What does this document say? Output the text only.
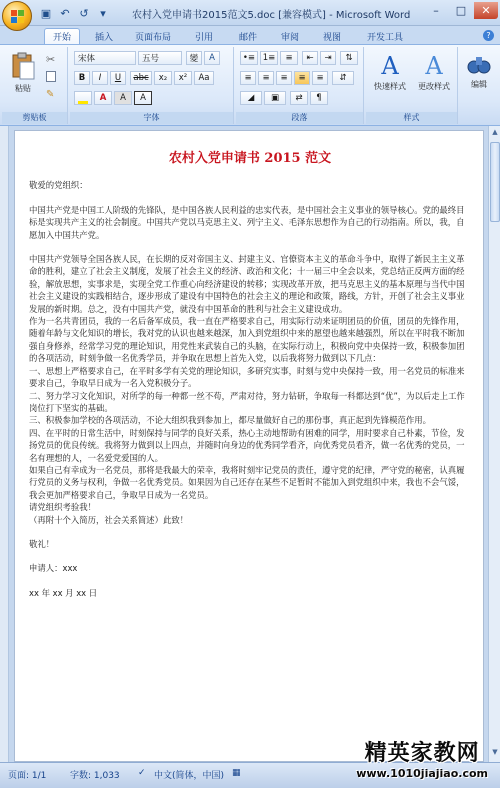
▣ ↶ ↺	▾	农村入党申请书2015范文5.doc [兼容模式] - Microsoft Word	–	□	✕
开始	插入	页面布局	引用	邮件	审阅	视图	开发工具	?
粘贴
✂
✎
剪贴板
宋体	五号	變	A
B	I	U	abc	x₂	x²	Aa
A	A	A
字体
•≡ 1≡	≡	⇤	⇥	⇅
≡	≡	≡	≡	≡	⇵
◢	▣	⇄	¶
段落
A
快速样式
A
更改样式
样式
编辑
▲
▼
农村入党申请书 2015 范文

敬爱的党组织：

中国共产党是中国工人阶级的先锋队，是中国各族人民利益的忠实代表，是中国社会主义事业的领导核心。党的最终目标是实现共产主义的社会制度。中国共产党以马克思主义、列宁主义、毛泽东思想作为自己的行动指南。所以，我，自愿加入中国共产党。

中国共产党领导全国各族人民，在长期的反对帝国主义、封建主义、官僚资本主义的革命斗争中，取得了新民主主义革命的胜利，建立了社会主义制度，发展了社会主义的经济、政治和文化；十一届三中全会以来，党总结正反两方面的经验，解放思想，实事求是，实现全党工作重心向经济建设的转移；实现改革开放，把马克思主义的基本原理与当代中国社会主义建设的实践相结合，逐步形成了建设有中国特色的社会主义的理论和政策，路线，方针，开创了社会主义事业发展的新时期。总之，没有中国共产党，就没有中国革命的胜利与社会主义建设成功。

作为一名共青团员，我的一名后备军成员，我一直在严格要求自己，用实际行动来证明团员的价值，团员的先锋作用，随着年龄与文化知识的增长，我对党的认识也越来越深，加入到党组织中来的愿望也越来越强烈，所以在平时我不断加强自身修养，经常学习党的理论知识，用党性来武装自己的头脑，在实际行动上，积极向党中央保持一致，积极参加团的各项活动，时刻争做一名优秀学员，并争取在思想上首先入党，以后我将努力做到以下几点：

一、思想上严格要求自己，在平时多学有关党的理论知识，多研究实事，时刻与党中央保持一致，用一名党员的标准来要求自己，争取早日成为一名入党积极分子。

二、努力学习文化知识，对所学的每一种都一丝不苟，严肃对待，努力钻研，争取每一科都达到“优”，为以后走上工作岗位打下坚实的基础。

三、积极参加学校的各项活动，不论大组织我到参加上，都尽量做好自己的那份事，真正起到先锋模范作用。

四、在平时的日常生活中，时刻保持与同学的良好关系，热心主动地帮助有困难的同学，用时要求自己朴素，节俭，发扬党员的优良传统。我将努力做到以上四点，并随时向身边的优秀同学看齐，向优秀党员看齐，做一名优秀的党员，一名有理想的人，一名爱党爱国的人。

如果自己有幸成为一名党员，那将是我最大的荣幸，我将时刻牢记党员的责任，遵守党的纪律，严守党的秘密，认真履行党员的义务与权利，争做一名优秀党员。如果因为自己还存在某些不足暂时不能加入到党组织中来，我也不会气馁，我会更加严格要求自己，争取早日成为一名党员。

请党组织考验我！

（再附十个入简历，社会关系简述）此致！

敬礼！

申请人：xxx

xx 年 xx 月 xx 日

页面: 1/1	字数: 1,033 ✓ 中文(简体，中国) ▦
精英家教网
www.1010jiajiao.com
